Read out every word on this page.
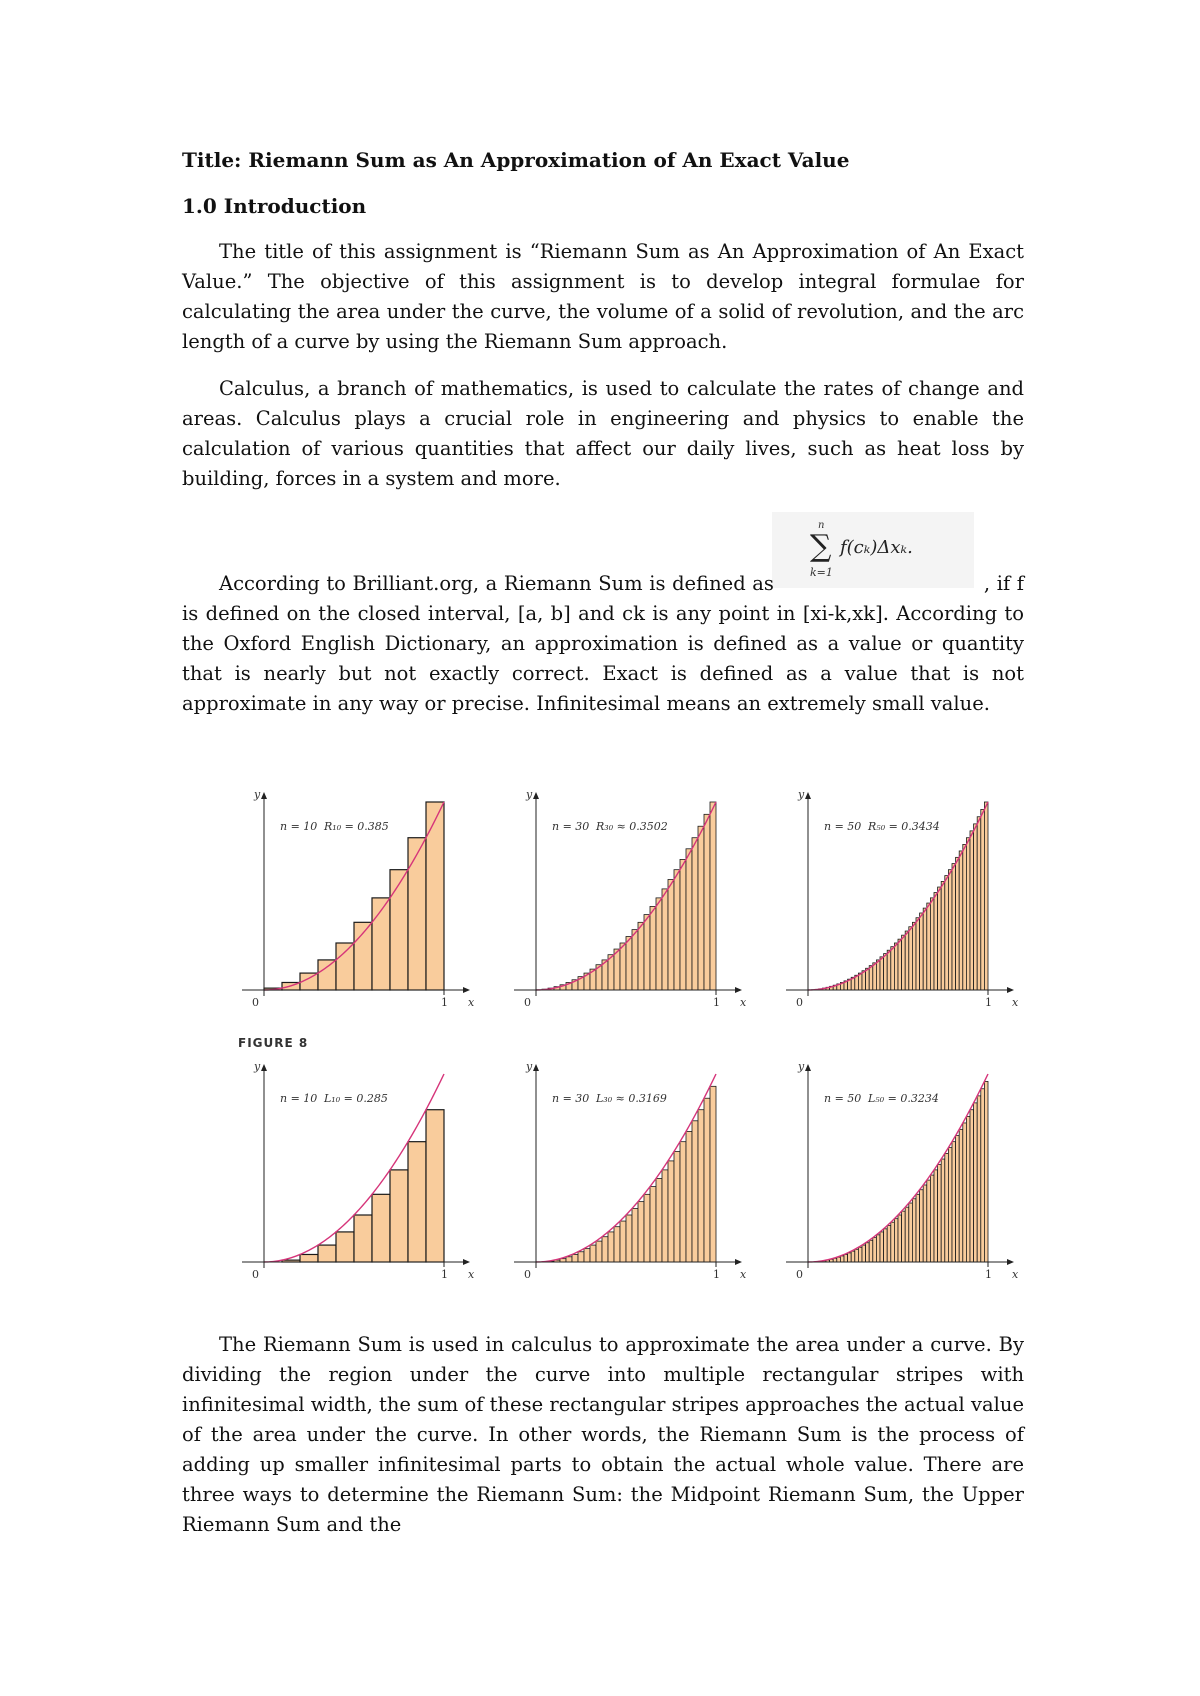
Title: Riemann Sum as An Approximation of An Exact Value
1.0 Introduction

The title of this assignment is “Riemann Sum as An Approximation of An Exact Value.” The objective of this assignment is to develop integral formulae for calculating the area under the curve, the volume of a solid of revolution, and the arc length of a curve by using the Riemann Sum approach.

Calculus, a branch of mathematics, is used to calculate the rates of change and areas. Calculus plays a crucial role in engineering and physics to enable the calculation of various quantities that affect our daily lives, such as heat loss by building, forces in a system and more.

n
∑
k=1
f(cₖ)Δxₖ.

According to Brilliant.org, a Riemann Sum is defined as	, if f is defined on the closed interval, [a, b] and ck is any point in [xi-k,xk]. According to the Oxford English Dictionary, an approximation is defined as a value or quantity that is nearly but not exactly correct. Exact is defined as a value that is not approximate in any way or precise. Infinitesimal means an extremely small value.

y
x
0	1
n = 10 R₁₀ = 0.385
y
x
0	1
n = 30 R₃₀ ≈ 0.3502
y
x
0	1
n = 50 R₅₀ = 0.3434
FIGURE 8
y
x
0	1
n = 10 L₁₀ = 0.285
y
x
0	1
n = 30 L₃₀ ≈ 0.3169
y
x
0	1
n = 50 L₅₀ = 0.3234

The Riemann Sum is used in calculus to approximate the area under a curve. By dividing the region under the curve into multiple rectangular stripes with infinitesimal width, the sum of these rectangular stripes approaches the actual value of the area under the curve. In other words, the Riemann Sum is the process of adding up smaller infinitesimal parts to obtain the actual whole value. There are three ways to determine the Riemann Sum: the Midpoint Riemann Sum, the Upper Riemann Sum and the
